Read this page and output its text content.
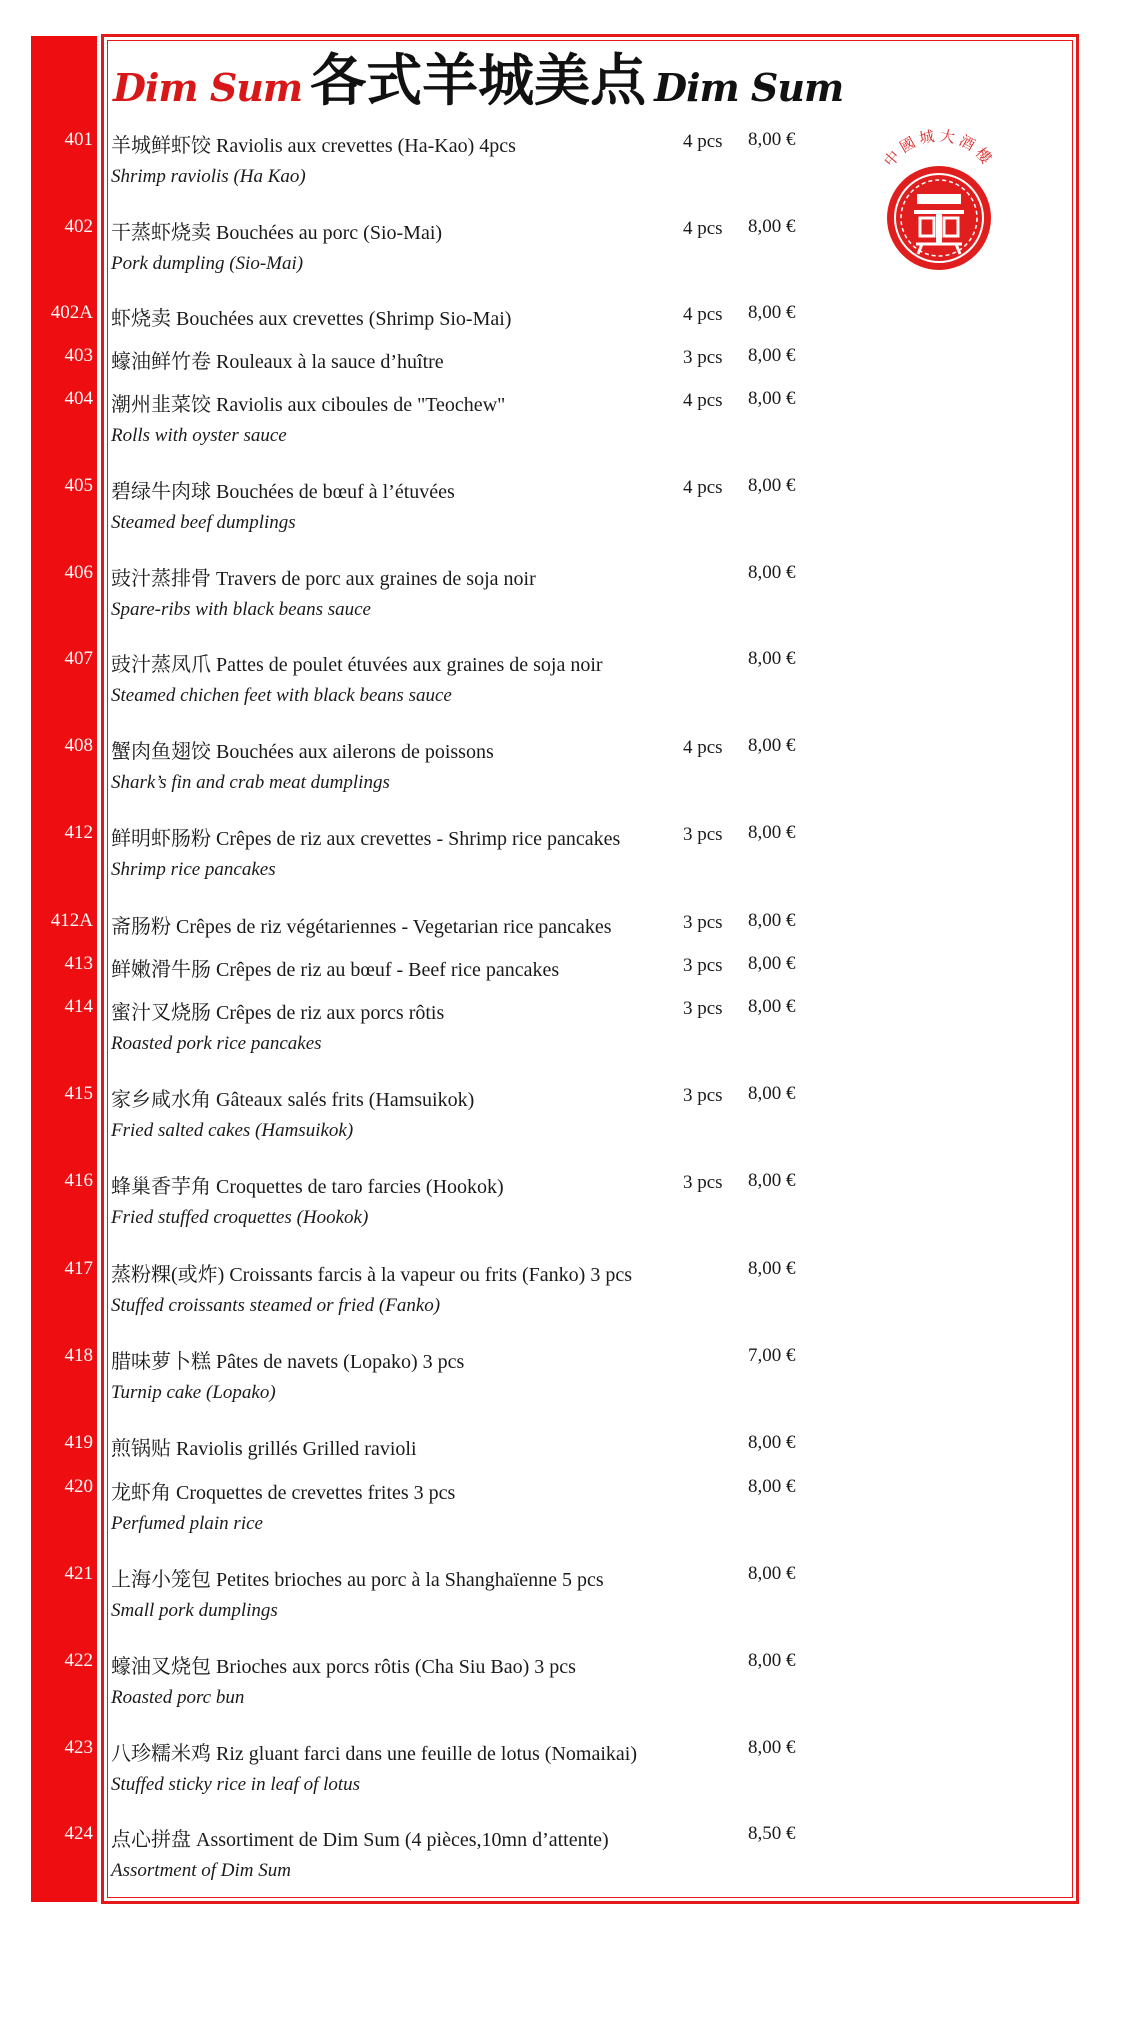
Dim Sum 各式羊城美点 Dim Sum
中國城大酒樓
401 羊城鲜虾饺 Raviolis aux crevettes (Ha-Kao) 4pcs
Shrimp raviolis (Ha Kao)
4 pcs 8,00 €
402 干蒸虾烧卖 Bouchées au porc (Sio-Mai)
Pork dumpling (Sio-Mai)
4 pcs 8,00 €
402A 虾烧卖 Bouchées aux crevettes (Shrimp Sio-Mai)	4 pcs 8,00 €
403 蠔油鲜竹卷 Rouleaux à la sauce d’huître	3 pcs 8,00 €
404 潮州韭菜饺 Raviolis aux ciboules de "Teochew"
Rolls with oyster sauce
4 pcs 8,00 €
405 碧绿牛肉球 Bouchées de bœuf à l’étuvées
Steamed beef dumplings
4 pcs 8,00 €
406 豉汁蒸排骨 Travers de porc aux graines de soja noir
Spare-ribs with black beans sauce
8,00 €
407 豉汁蒸凤爪 Pattes de poulet étuvées aux graines de soja noir
Steamed chichen feet with black beans sauce
8,00 €
408 蟹肉鱼翅饺 Bouchées aux ailerons de poissons
Shark’s fin and crab meat dumplings
4 pcs 8,00 €
412 鲜明虾肠粉 Crêpes de riz aux crevettes - Shrimp rice pancakes
Shrimp rice pancakes
3 pcs 8,00 €
412A 斋肠粉 Crêpes de riz végétariennes - Vegetarian rice pancakes	3 pcs 8,00 €
413 鲜嫩滑牛肠 Crêpes de riz au bœuf - Beef rice pancakes	3 pcs 8,00 €
414 蜜汁叉烧肠 Crêpes de riz aux porcs rôtis
Roasted pork rice pancakes
3 pcs 8,00 €
415 家乡咸水角 Gâteaux salés frits (Hamsuikok)
Fried salted cakes (Hamsuikok)
3 pcs 8,00 €
416 蜂巢香芋角 Croquettes de taro farcies (Hookok)
Fried stuffed croquettes (Hookok)
3 pcs 8,00 €
417 蒸粉粿(或炸) Croissants farcis à la vapeur ou frits (Fanko) 3 pcs
Stuffed croissants steamed or fried (Fanko)
8,00 €
418 腊味萝卜糕 Pâtes de navets (Lopako) 3 pcs
Turnip cake (Lopako)
7,00 €
419 煎锅贴 Raviolis grillés Grilled ravioli	8,00 €
420 龙虾角 Croquettes de crevettes frites 3 pcs
Perfumed plain rice
8,00 €
421 上海小笼包 Petites brioches au porc à la Shanghaïenne 5 pcs
Small pork dumplings
8,00 €
422 蠔油叉烧包 Brioches aux porcs rôtis (Cha Siu Bao) 3 pcs
Roasted porc bun
8,00 €
423 八珍糯米鸡 Riz gluant farci dans une feuille de lotus (Nomaikai)
Stuffed sticky rice in leaf of lotus
8,00 €
424 点心拼盘 Assortiment de Dim Sum (4 pièces,10mn d’attente)
Assortment of Dim Sum
8,50 €
